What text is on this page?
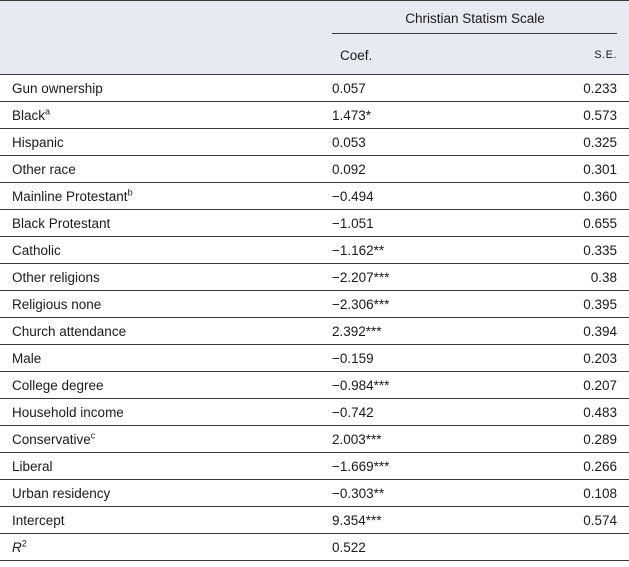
Christian Statism Scale
Coef.	S.E.
Gun ownership	0.057	0.233
Black$^a$	1.473*	0.573
Hispanic	0.053	0.325
Other race	0.092	0.301
Mainline Protestant$^b$	−0.494	0.360
Black Protestant	−1.051	0.655
Catholic	−1.162**	0.335
Other religions	−2.207***	0.38
Religious none	−2.306***	0.395
Church attendance	2.392***	0.394
Male	−0.159	0.203
College degree	−0.984***	0.207
Household income	−0.742	0.483
Conservative$^c$	2.003***	0.289
Liberal	−1.669***	0.266
Urban residency	−0.303**	0.108
Intercept	9.354***	0.574
$R^2$	0.522
